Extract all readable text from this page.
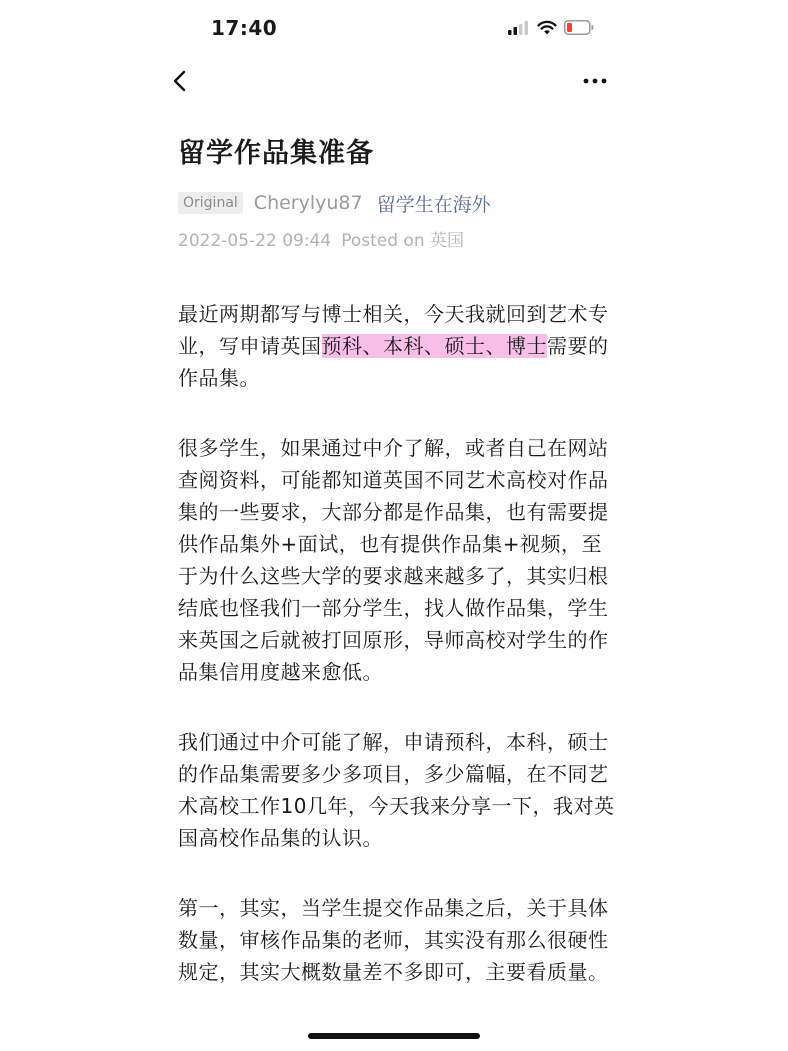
17:40
留学作品集准备
Original Cherylyu87 留学生在海外
2022-05-22 09:44 Posted on 英国

最近两期都写与博士相关，今天我就回到艺术专业，写申请英国预科、本科、硕士、博士需要的作品集。

很多学生，如果通过中介了解，或者自己在网站查阅资料，可能都知道英国不同艺术高校对作品集的一些要求，大部分都是作品集，也有需要提供作品集外+面试，也有提供作品集+视频，至于为什么这些大学的要求越来越多了，其实归根结底也怪我们一部分学生，找人做作品集，学生来英国之后就被打回原形，导师高校对学生的作品集信用度越来愈低。

我们通过中介可能了解，申请预科，本科，硕士的作品集需要多少多项目，多少篇幅，在不同艺术高校工作10几年，今天我来分享一下，我对英国高校作品集的认识。

第一，其实，当学生提交作品集之后，关于具体数量，审核作品集的老师，其实没有那么很硬性规定，其实大概数量差不多即可，主要看质量。
